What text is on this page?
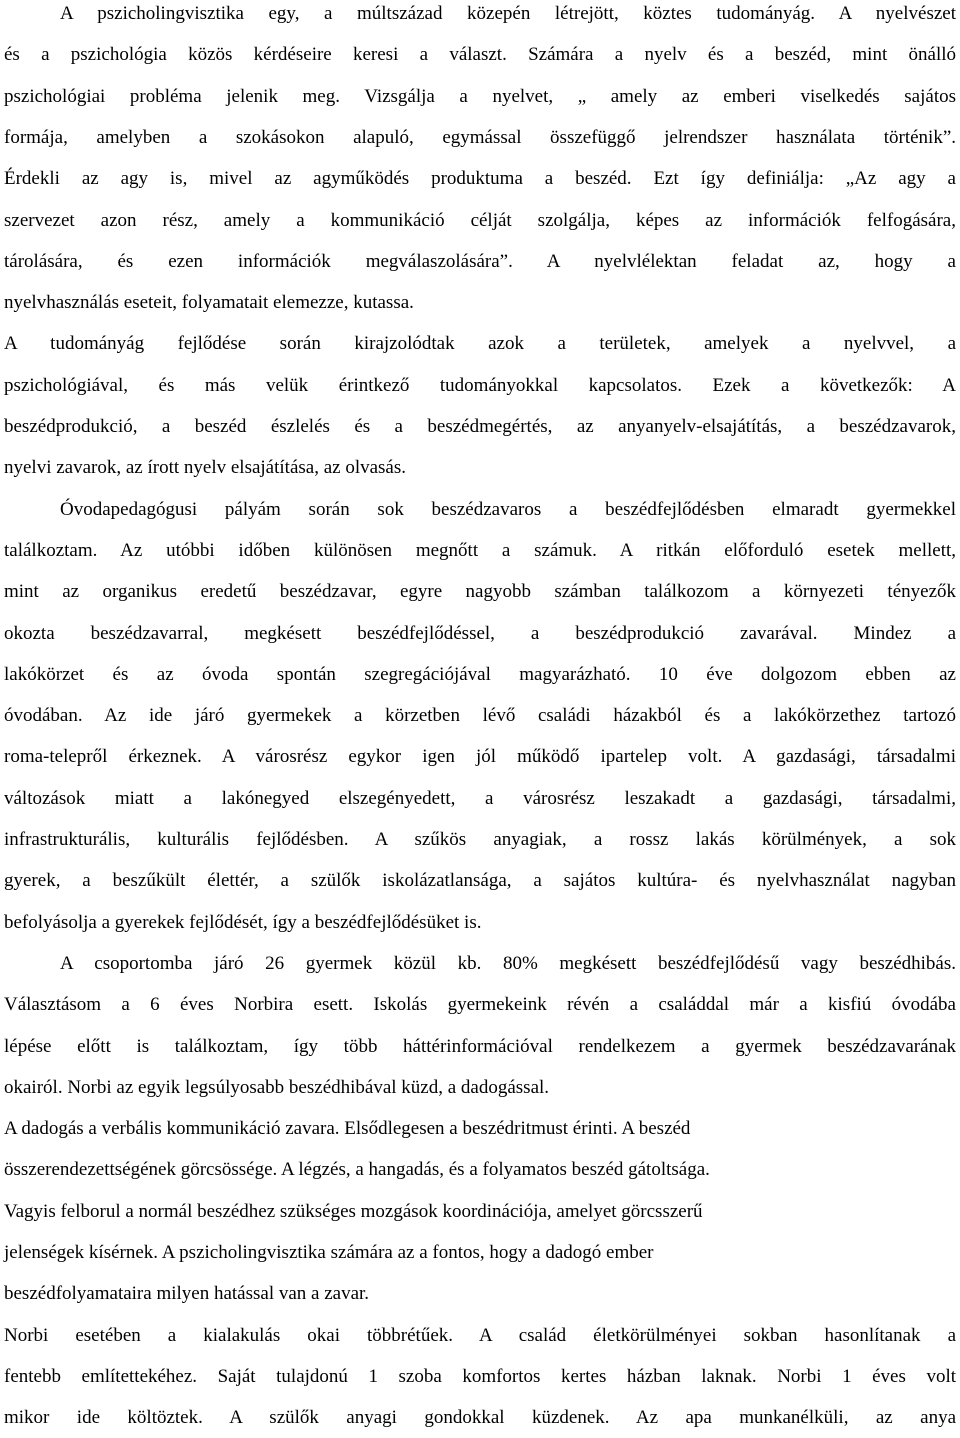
A pszicholingvisztika egy, a múltszázad közepén létrejött, köztes tudományág. A nyelvészet
és a pszichológia közös kérdéseire keresi a választ. Számára a nyelv és a beszéd, mint önálló
pszichológiai probléma jelenik meg. Vizsgálja a nyelvet, „ amely az emberi viselkedés sajátos
formája, amelyben a szokásokon alapuló, egymással összefüggő jelrendszer használata történik”.
Érdekli az agy is, mivel az agyműködés produktuma a beszéd. Ezt így definiálja: „Az agy a
szervezet azon rész, amely a kommunikáció célját szolgálja, képes az információk felfogására,
tárolására, és ezen információk megválaszolására”. A nyelvlélektan feladat az, hogy a
nyelvhasználás eseteit, folyamatait elemezze, kutassa.
A tudományág fejlődése során kirajzolódtak azok a területek, amelyek a nyelvvel, a
pszichológiával, és más velük érintkező tudományokkal kapcsolatos. Ezek a következők: A
beszédprodukció, a beszéd észlelés és a beszédmegértés, az anyanyelv-elsajátítás, a beszédzavarok,
nyelvi zavarok, az írott nyelv elsajátítása, az olvasás.
Óvodapedagógusi pályám során sok beszédzavaros a beszédfejlődésben elmaradt gyermekkel
találkoztam. Az utóbbi időben különösen megnőtt a számuk. A ritkán előforduló esetek mellett,
mint az organikus eredetű beszédzavar, egyre nagyobb számban találkozom a környezeti tényezők
okozta beszédzavarral, megkésett beszédfejlődéssel, a beszédprodukció zavarával. Mindez a
lakókörzet és az óvoda spontán szegregációjával magyarázható. 10 éve dolgozom ebben az
óvodában. Az ide járó gyermekek a körzetben lévő családi házakból és a lakókörzethez tartozó
roma-telepről érkeznek. A városrész egykor igen jól működő ipartelep volt. A gazdasági, társadalmi
változások miatt a lakónegyed elszegényedett, a városrész leszakadt a gazdasági, társadalmi,
infrastrukturális, kulturális fejlődésben. A szűkös anyagiak, a rossz lakás körülmények, a sok
gyerek, a beszűkült élettér, a szülők iskolázatlansága, a sajátos kultúra- és nyelvhasználat nagyban
befolyásolja a gyerekek fejlődését, így a beszédfejlődésüket is.
A csoportomba járó 26 gyermek közül kb. 80% megkésett beszédfejlődésű vagy beszédhibás.
Választásom a 6 éves Norbira esett. Iskolás gyermekeink révén a családdal már a kisfiú óvodába
lépése előtt is találkoztam, így több háttérinformációval rendelkezem a gyermek beszédzavarának
okairól. Norbi az egyik legsúlyosabb beszédhibával küzd, a dadogással.
A dadogás a verbális kommunikáció zavara. Elsődlegesen a beszédritmust érinti. A beszéd
összerendezettségének görcsössége. A légzés, a hangadás, és a folyamatos beszéd gátoltsága.
Vagyis felborul a normál beszédhez szükséges mozgások koordinációja, amelyet görcsszerű
jelenségek kísérnek. A pszicholingvisztika számára az a fontos, hogy a dadogó ember
beszédfolyamataira milyen hatással van a zavar.
Norbi esetében a kialakulás okai többrétűek. A család életkörülményei sokban hasonlítanak a
fentebb említettekéhez. Saját tulajdonú 1 szoba komfortos kertes házban laknak. Norbi 1 éves volt
mikor ide költöztek. A szülők anyagi gondokkal küzdenek. Az apa munkanélküli, az anya
